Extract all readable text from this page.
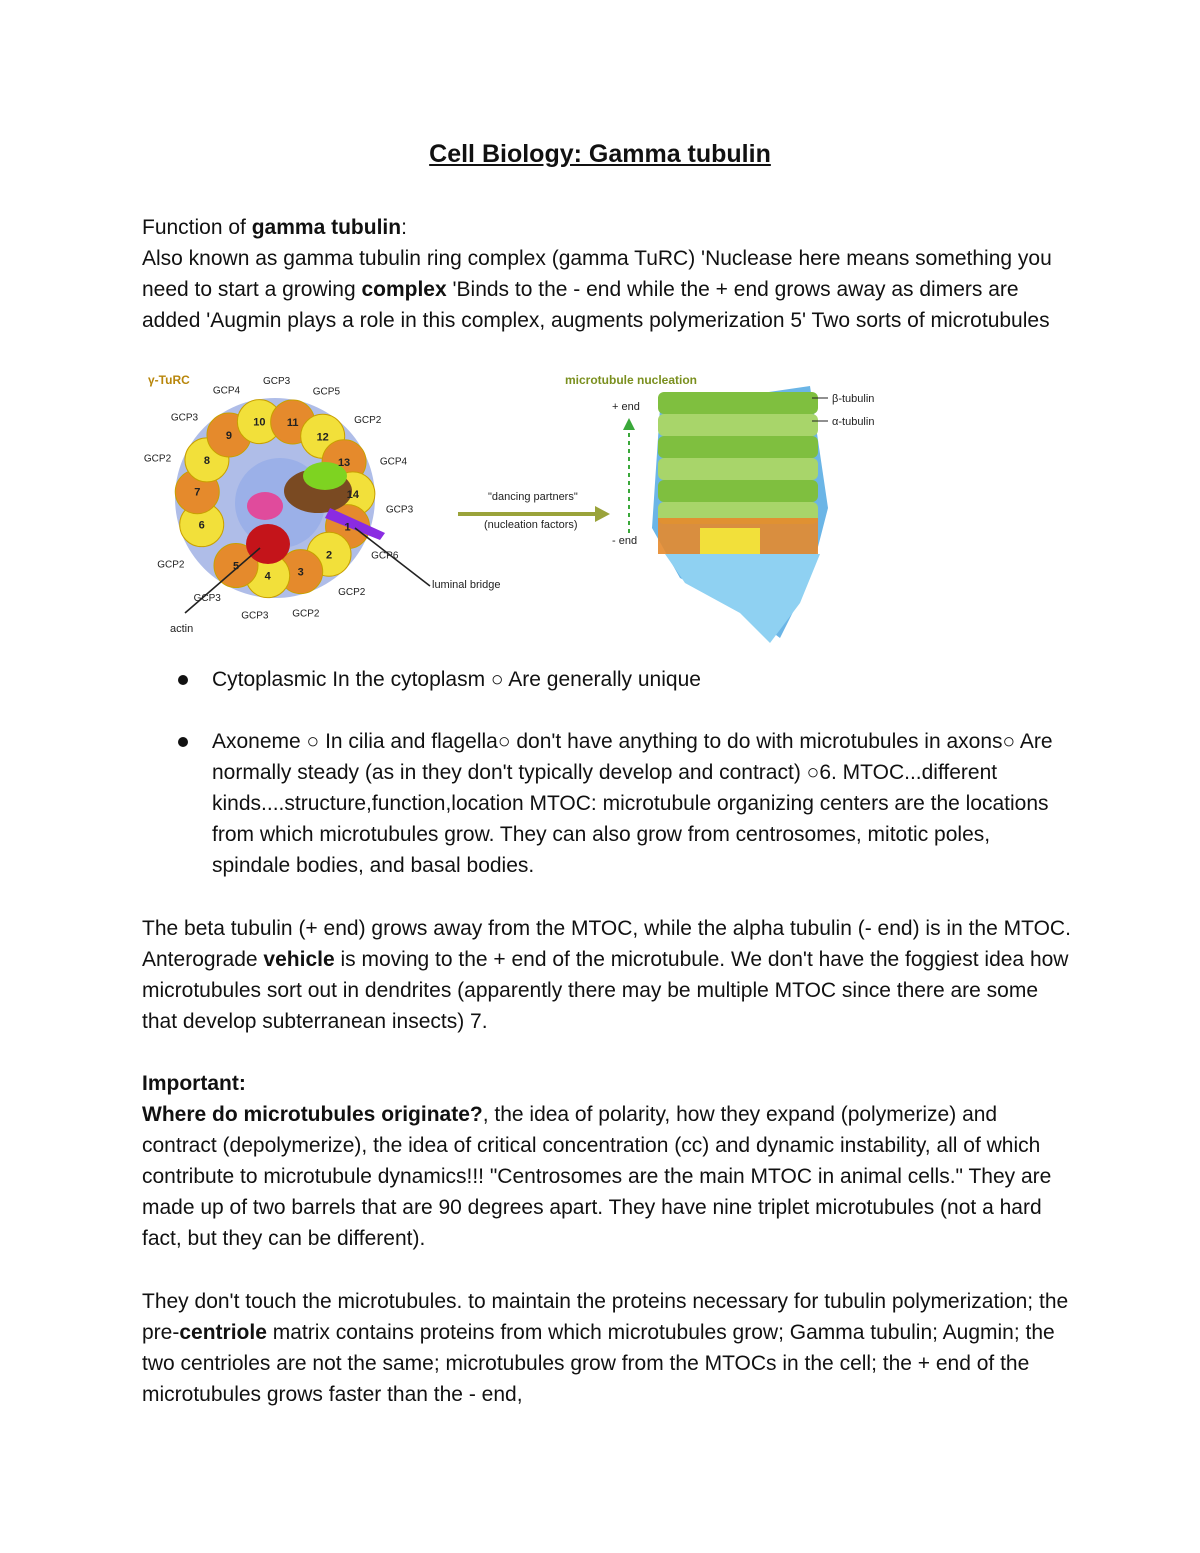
Cell Biology: Gamma tubulin

Function of gamma tubulin:

Also known as gamma tubulin ring complex (gamma TuRC) 'Nuclease here means something you need to start a growing complex 'Binds to the - end while the + end grows away as dimers are added 'Augmin plays a role in this complex, augments polymerization 5' Two sorts of microtubules

γ-TuRC	microtubule nucleation
actin
luminal bridge
GCP2
GCP3
GCP4
GCP3
GCP5
GCP2
GCP4
GCP3
GCP6
GCP2
GCP2
GCP3
GCP3
GCP2
6
7
8
9
10 11
12
13
14
1
2
3
4
5
"dancing partners"
(nucleation factors)
+ end
- end
β-tubulin
α-tubulin
Cytoplasmic In the cytoplasm ○ Are generally unique
Axoneme ○ In cilia and flagella○ don't have anything to do with microtubules in axons○ Are normally steady (as in they don't typically develop and contract) ○6. MTOC...different kinds....structure,function,location MTOC: microtubule organizing centers are the locations from which microtubules grow. They can also grow from centrosomes, mitotic poles, spindale bodies, and basal bodies.

The beta tubulin (+ end) grows away from the MTOC, while the alpha tubulin (- end) is in the MTOC. Anterograde vehicle is moving to the + end of the microtubule. We don't have the foggiest idea how microtubules sort out in dendrites (apparently there may be multiple MTOC since there are some that develop subterranean insects) 7.

Important:

Where do microtubules originate?, the idea of polarity, how they expand (polymerize) and contract (depolymerize), the idea of critical concentration (cc) and dynamic instability, all of which contribute to microtubule dynamics!!! "Centrosomes are the main MTOC in animal cells." They are made up of two barrels that are 90 degrees apart. They have nine triplet microtubules (not a hard fact, but they can be different).

They don't touch the microtubules. to maintain the proteins necessary for tubulin polymerization; the pre-centriole matrix contains proteins from which microtubules grow; Gamma tubulin; Augmin; the two centrioles are not the same; microtubules grow from the MTOCs in the cell; the + end of the microtubules grows faster than the - end,
